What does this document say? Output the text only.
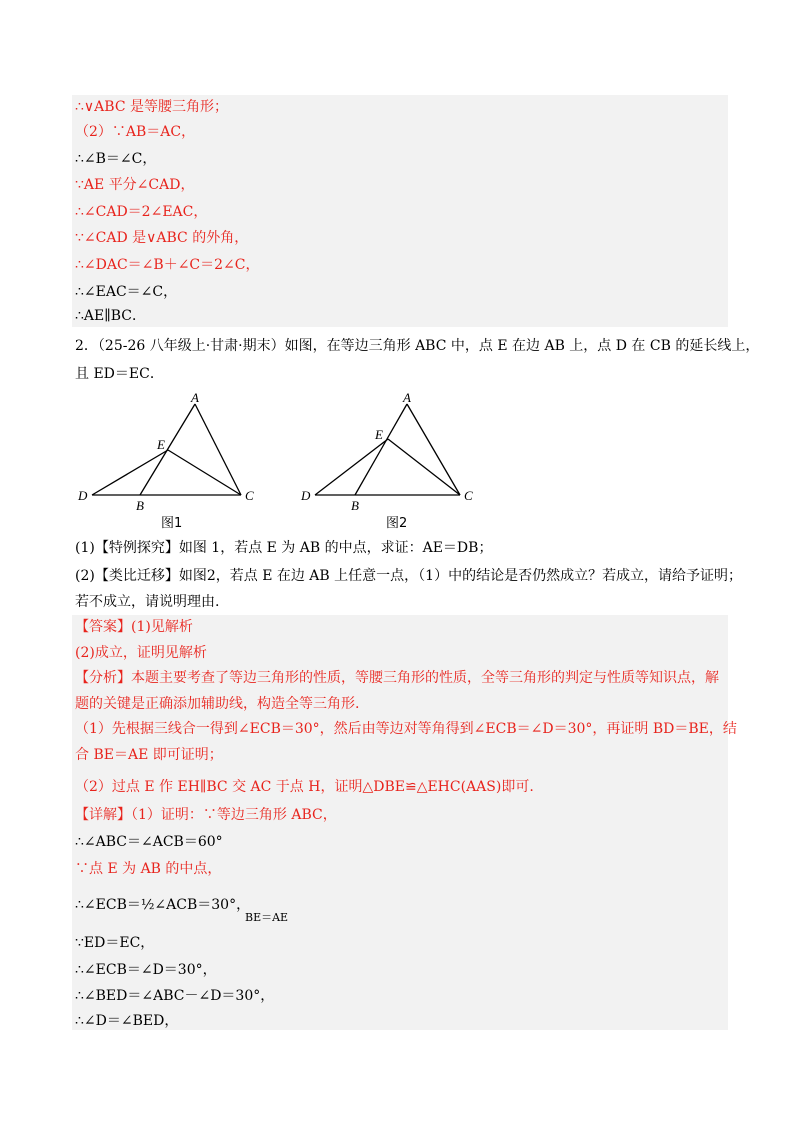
∴∨ABC 是等腰三角形；
（2）∵AB＝AC，
∴∠B＝∠C，
∵AE 平分∠CAD，
∴∠CAD＝2∠EAC，
∵∠CAD 是∨ABC 的外角，
∴∠DAC＝∠B＋∠C＝2∠C，
∴∠EAC＝∠C，
∴AE∥BC．
2．（25-26 八年级上·甘肃·期末）如图，在等边三角形 ABC 中，点 E 在边 AB 上，点 D 在 CB 的延长线上，
且 ED＝EC．
A
E
D
B
C
图1
A
E
D
B
C
图2
(1)【特例探究】如图 1，若点 E 为 AB 的中点，求证：AE＝DB；
(2)【类比迁移】如图2，若点 E 在边 AB 上任意一点，（1）中的结论是否仍然成立？若成立，请给予证明；
若不成立，请说明理由.
【答案】(1)见解析
(2)成立，证明见解析
【分析】本题主要考查了等边三角形的性质，等腰三角形的性质，全等三角形的判定与性质等知识点，解
题的关键是正确添加辅助线，构造全等三角形.
（1）先根据三线合一得到∠ECB＝30°，然后由等边对等角得到∠ECB＝∠D＝30°，再证明 BD＝BE，结
合 BE＝AE 即可证明；
（2）过点 E 作 EH∥BC 交 AC 于点 H，证明△DBE≌△EHC(AAS)即可.
【详解】（1）证明：∵等边三角形 ABC，
∴∠ABC＝∠ACB＝60°
∵点 E 为 AB 的中点，
∴∠ECB＝½∠ACB＝30°，
BE＝AE
∵ED＝EC，
∴∠ECB＝∠D＝30°，
∴∠BED＝∠ABC－∠D＝30°，
∴∠D＝∠BED，
